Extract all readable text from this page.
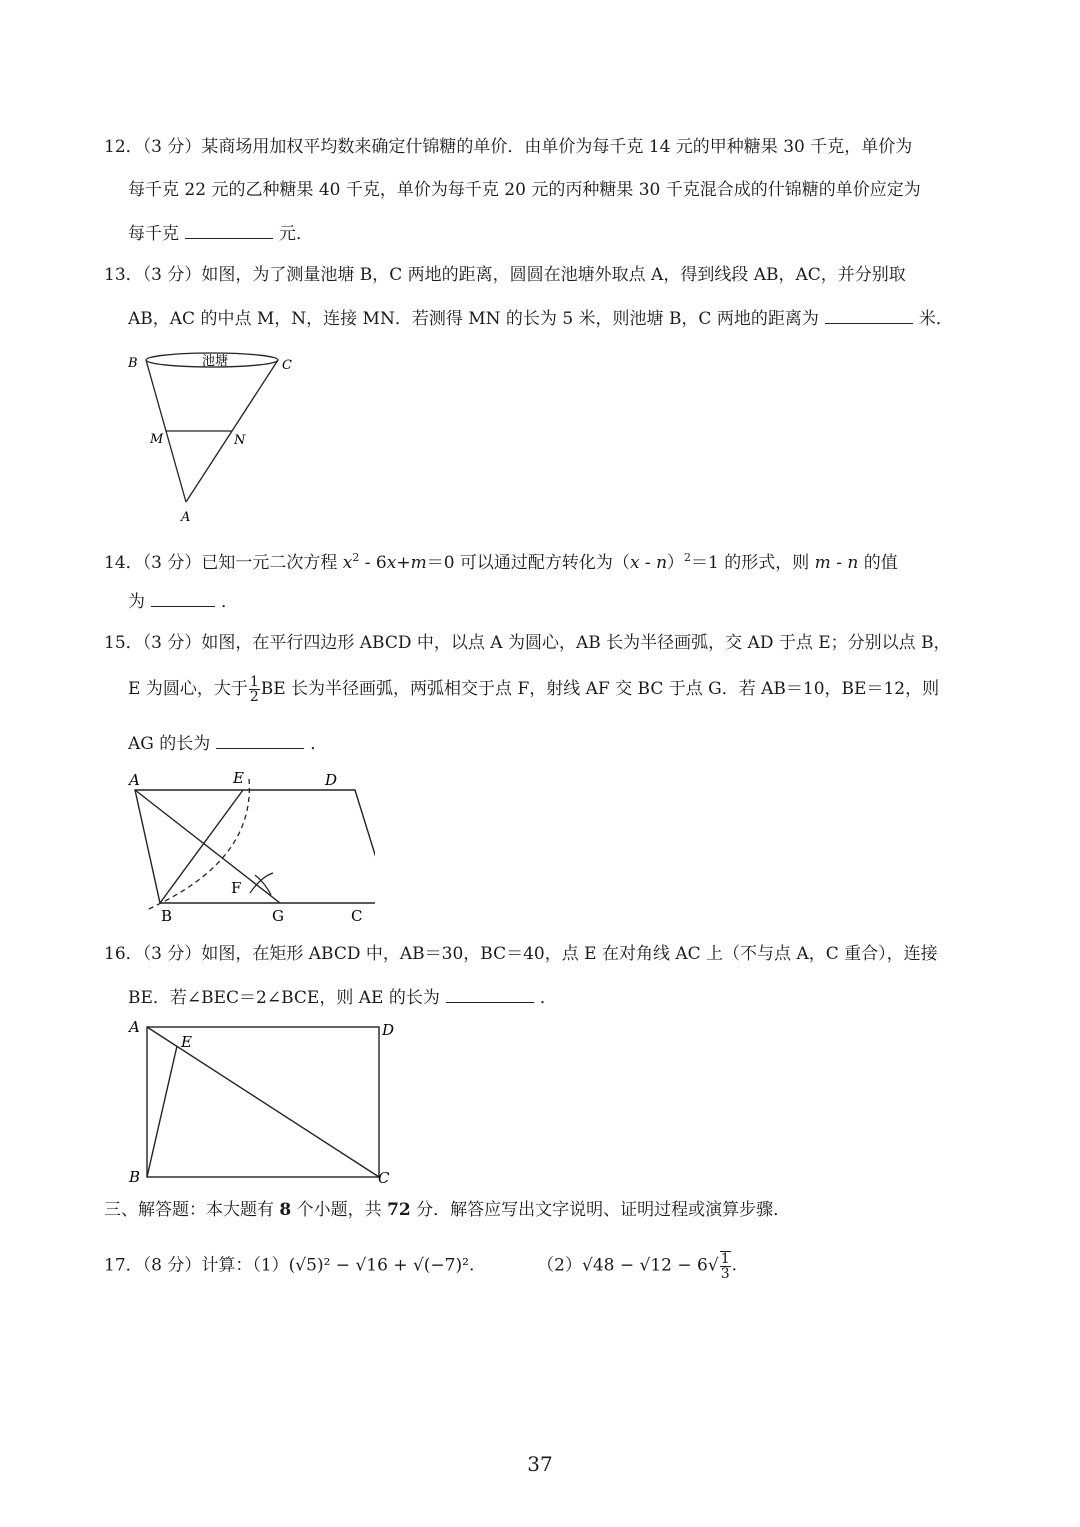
12．（3 分）某商场用加权平均数来确定什锦糖的单价．由单价为每千克 14 元的甲种糖果 30 千克，单价为
每千克 22 元的乙种糖果 40 千克，单价为每千克 20 元的丙种糖果 30 千克混合成的什锦糖的单价应定为
每千克	元．
13．（3 分）如图，为了测量池塘 B，C 两地的距离，圆圆在池塘外取点 A，得到线段 AB，AC，并分别取
AB，AC 的中点 M，N，连接 MN．若测得 MN 的长为 5 米，则池塘 B，C 两地的距离为	米．
池塘
B	C
M	N
A
14．（3 分）已知一元二次方程 $x^2 - 6x+m=0$ 可以通过配方转化为（x - n）$^2$＝1 的形式，则 m - n 的值
为	．
15．（3 分）如图，在平行四边形 ABCD 中，以点 A 为圆心，AB 长为半径画弧，交 AD 于点 E；分别以点 B，
E 为圆心，大于 $\frac{1}{2}$ BE 长为半径画弧，两弧相交于点 F，射线 AF 交 BC 于点 G．若 AB＝10，BE＝12，则
AG 的长为	．
A	E	D
F
B	G	C
16．（3 分）如图，在矩形 ABCD 中，AB＝30，BC＝40，点 E 在对角线 AC 上（不与点 A，C 重合），连接
BE．若∠BEC＝2∠BCE，则 AE 的长为	．
A
E
D
B	C
三、解答题：本大题有 8 个小题，共 72 分．解答应写出文字说明、证明过程或演算步骤．
17．（8 分）计算：（1）(√5)² − √16 + √(−7)².	$(2)√48 - √12 - 6√ \frac{1}{3}$ .
37
